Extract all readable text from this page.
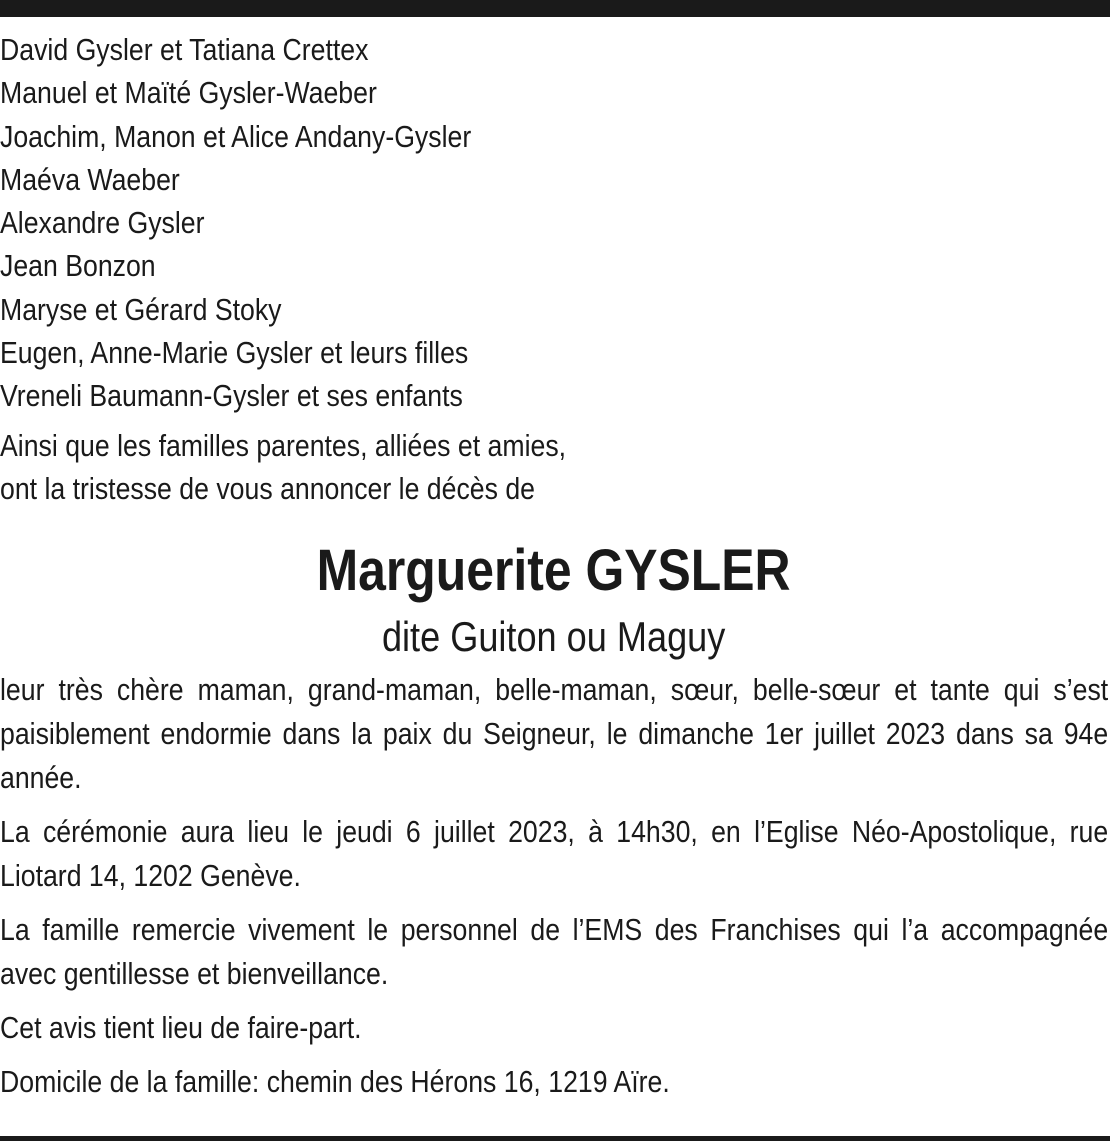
David Gysler et Tatiana Crettex
Manuel et Maïté Gysler-Waeber
Joachim, Manon et Alice Andany-Gysler
Maéva Waeber
Alexandre Gysler
Jean Bonzon
Maryse et Gérard Stoky
Eugen, Anne-Marie Gysler et leurs filles
Vreneli Baumann-Gysler et ses enfants
Ainsi que les familles parentes, alliées et amies,
ont la tristesse de vous annoncer le décès de
Marguerite GYSLER
dite Guiton ou Maguy
leur très chère maman, grand-maman, belle-maman, sœur, belle-sœur et tante qui s’est paisiblement endormie dans la paix du Seigneur, le dimanche 1er juillet 2023 dans sa 94e année.
La cérémonie aura lieu le jeudi 6 juillet 2023, à 14h30, en l’Eglise Néo-Apostolique, rue Liotard 14, 1202 Genève.
La famille remercie vivement le personnel de l’EMS des Franchises qui l’a accompagnée avec gentillesse et bienveillance.
Cet avis tient lieu de faire-part.
Domicile de la famille: chemin des Hérons 16, 1219 Aïre.
